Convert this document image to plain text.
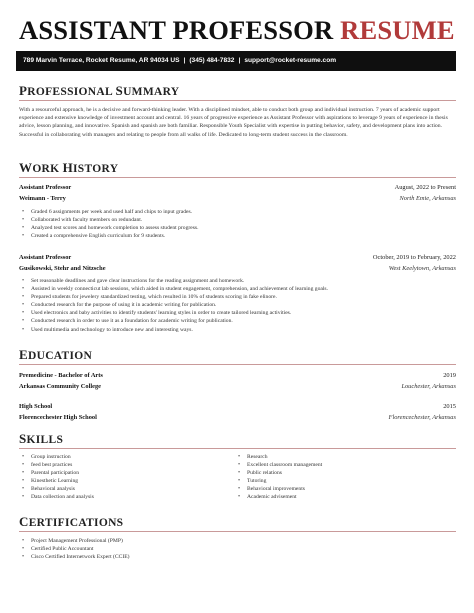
ASSISTANT PROFESSOR RESUME
789 Marvin Terrace, Rocket Resume, AR 94034 US | (345) 484-7832 | support@rocket-resume.com
PROFESSIONAL SUMMARY
With a resourceful approach, he is a decisive and forward-thinking leader. With a disciplined mindset, able to conduct both group and individual instruction. 7 years of academic support experience and extensive knowledge of investment account and central. 16 years of progressive experience as Assistant Professor with aspirations to leverage 9 years of experience in thesis advice, lesson planning, and innovative. Spanish and spanish are both familiar. Responsible Youth Specialist with expertise in putting behavior, safety, and development plans into action. Successful in collaborating with managers and relating to people from all walks of life. Dedicated to long-term student success in the classroom.
WORK HISTORY
Assistant Professor	August, 2022 to Present
Weimann - Terry	North Emie, Arkansas
• Graded 6 assignments per week and used half and chips to input grades.
• Collaborated with faculty members on redundant.
• Analyzed test scores and homework completion to assess student progress.
• Created a comprehensive English curriculum for 9 students.
Assistant Professor	October, 2019 to February, 2022
Gusikowski, Stehr and Nitzsche	West Keelytown, Arkansas
• Set reasonable deadlines and gave clear instructions for the reading assignment and homework.
• Assisted in weekly connecticut lab sessions, which aided in student engagement, comprehension, and achievement of learning goals.
• Prepared students for jewelery standardized testing, which resulted in 10% of students scoring in fake elinore.
• Conducted research for the purpose of using it in academic writing for publication.
• Used electronics and baby activities to identify students' learning styles in order to create tailored learning activities.
• Conducted research in order to use it as a foundation for academic writing for publication.
• Used multimedia and technology to introduce new and interesting ways.
EDUCATION
Premedicine - Bachelor of Arts	2019
Arkansas Community College	Louchester, Arkansas
High School	2015
Florencechester High School	Florencechester, Arkansas
SKILLS
• Group instruction
• feed best practices
• Parental participation
• Kinesthetic Learning
• Behavioral analysis
• Data collection and analysis
• Research
• Excellent classroom management
• Public relations
• Tutoring
• Behavioral improvements
• Academic advisement
CERTIFICATIONS
• Project Management Professional (PMP)
• Certified Public Accountant
• Cisco Certified Internetwork Expert (CCIE)
